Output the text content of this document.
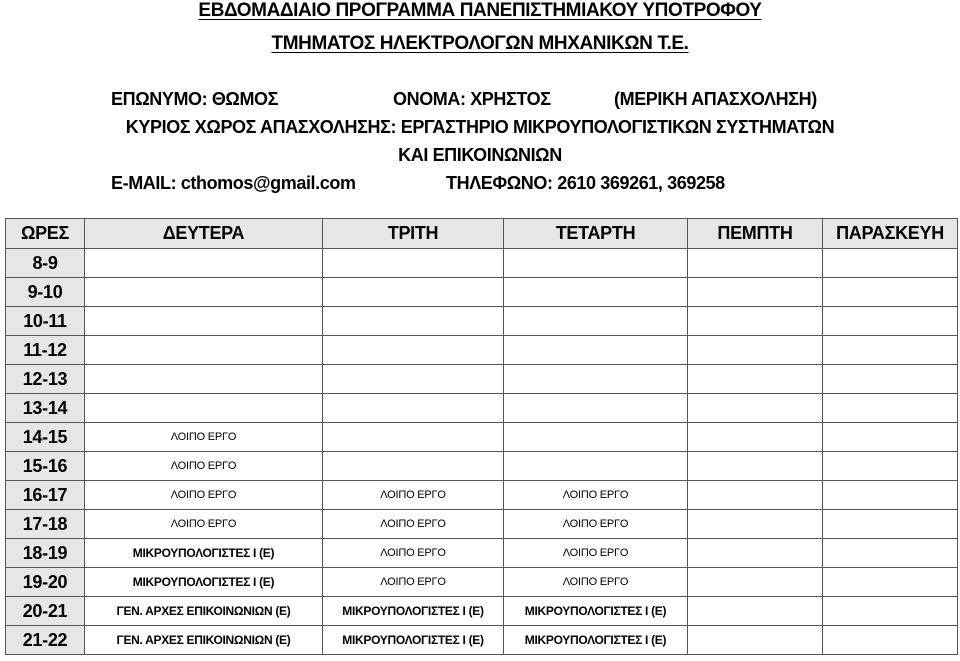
ΕΒΔΟΜΑΔΙΑΙΟ ΠΡΟΓΡΑΜΜΑ ΠΑΝΕΠΙΣΤΗΜΙΑΚΟΥ ΥΠΟΤΡΟΦΟΥ
ΤΜΗΜΑΤΟΣ ΗΛΕΚΤΡΟΛΟΓΩΝ ΜΗΧΑΝΙΚΩΝ Τ.Ε.
ΕΠΩΝΥΜΟ: ΘΩΜΟΣ	ΟΝΟΜΑ: ΧΡΗΣΤΟΣ	(ΜΕΡΙΚΗ ΑΠΑΣΧΟΛΗΣΗ)
ΚΥΡΙΟΣ ΧΩΡΟΣ ΑΠΑΣΧΟΛΗΣΗΣ: ΕΡΓΑΣΤΗΡΙΟ ΜΙΚΡΟΥΠΟΛΟΓΙΣΤΙΚΩΝ ΣΥΣΤΗΜΑΤΩΝ
ΚΑΙ ΕΠΙΚΟΙΝΩΝΙΩΝ
E-MAIL: cthomos@gmail.com	ΤΗΛΕΦΩΝΟ: 2610 369261, 369258
ΩΡΕΣ	ΔΕΥΤΕΡΑ	ΤΡΙΤΗ	ΤΕΤΑΡΤΗ	ΠΕΜΠΤΗ	ΠΑΡΑΣΚΕΥΗ
8-9					
9-10					
10-11					
11-12					
12-13					
13-14					
14-15	ΛΟΙΠΟ ΕΡΓΟ				
15-16	ΛΟΙΠΟ ΕΡΓΟ				
16-17	ΛΟΙΠΟ ΕΡΓΟ	ΛΟΙΠΟ ΕΡΓΟ	ΛΟΙΠΟ ΕΡΓΟ		
17-18	ΛΟΙΠΟ ΕΡΓΟ	ΛΟΙΠΟ ΕΡΓΟ	ΛΟΙΠΟ ΕΡΓΟ		
18-19	ΜΙΚΡΟΥΠΟΛΟΓΙΣΤΕΣ Ι (Ε)	ΛΟΙΠΟ ΕΡΓΟ	ΛΟΙΠΟ ΕΡΓΟ		
19-20	ΜΙΚΡΟΥΠΟΛΟΓΙΣΤΕΣ Ι (Ε)	ΛΟΙΠΟ ΕΡΓΟ	ΛΟΙΠΟ ΕΡΓΟ		
20-21	ΓΕΝ. ΑΡΧΕΣ ΕΠΙΚΟΙΝΩΝΙΩΝ (Ε)	ΜΙΚΡΟΥΠΟΛΟΓΙΣΤΕΣ Ι (Ε)	ΜΙΚΡΟΥΠΟΛΟΓΙΣΤΕΣ Ι (Ε)		
21-22	ΓΕΝ. ΑΡΧΕΣ ΕΠΙΚΟΙΝΩΝΙΩΝ (Ε)	ΜΙΚΡΟΥΠΟΛΟΓΙΣΤΕΣ Ι (Ε)	ΜΙΚΡΟΥΠΟΛΟΓΙΣΤΕΣ Ι (Ε)		
